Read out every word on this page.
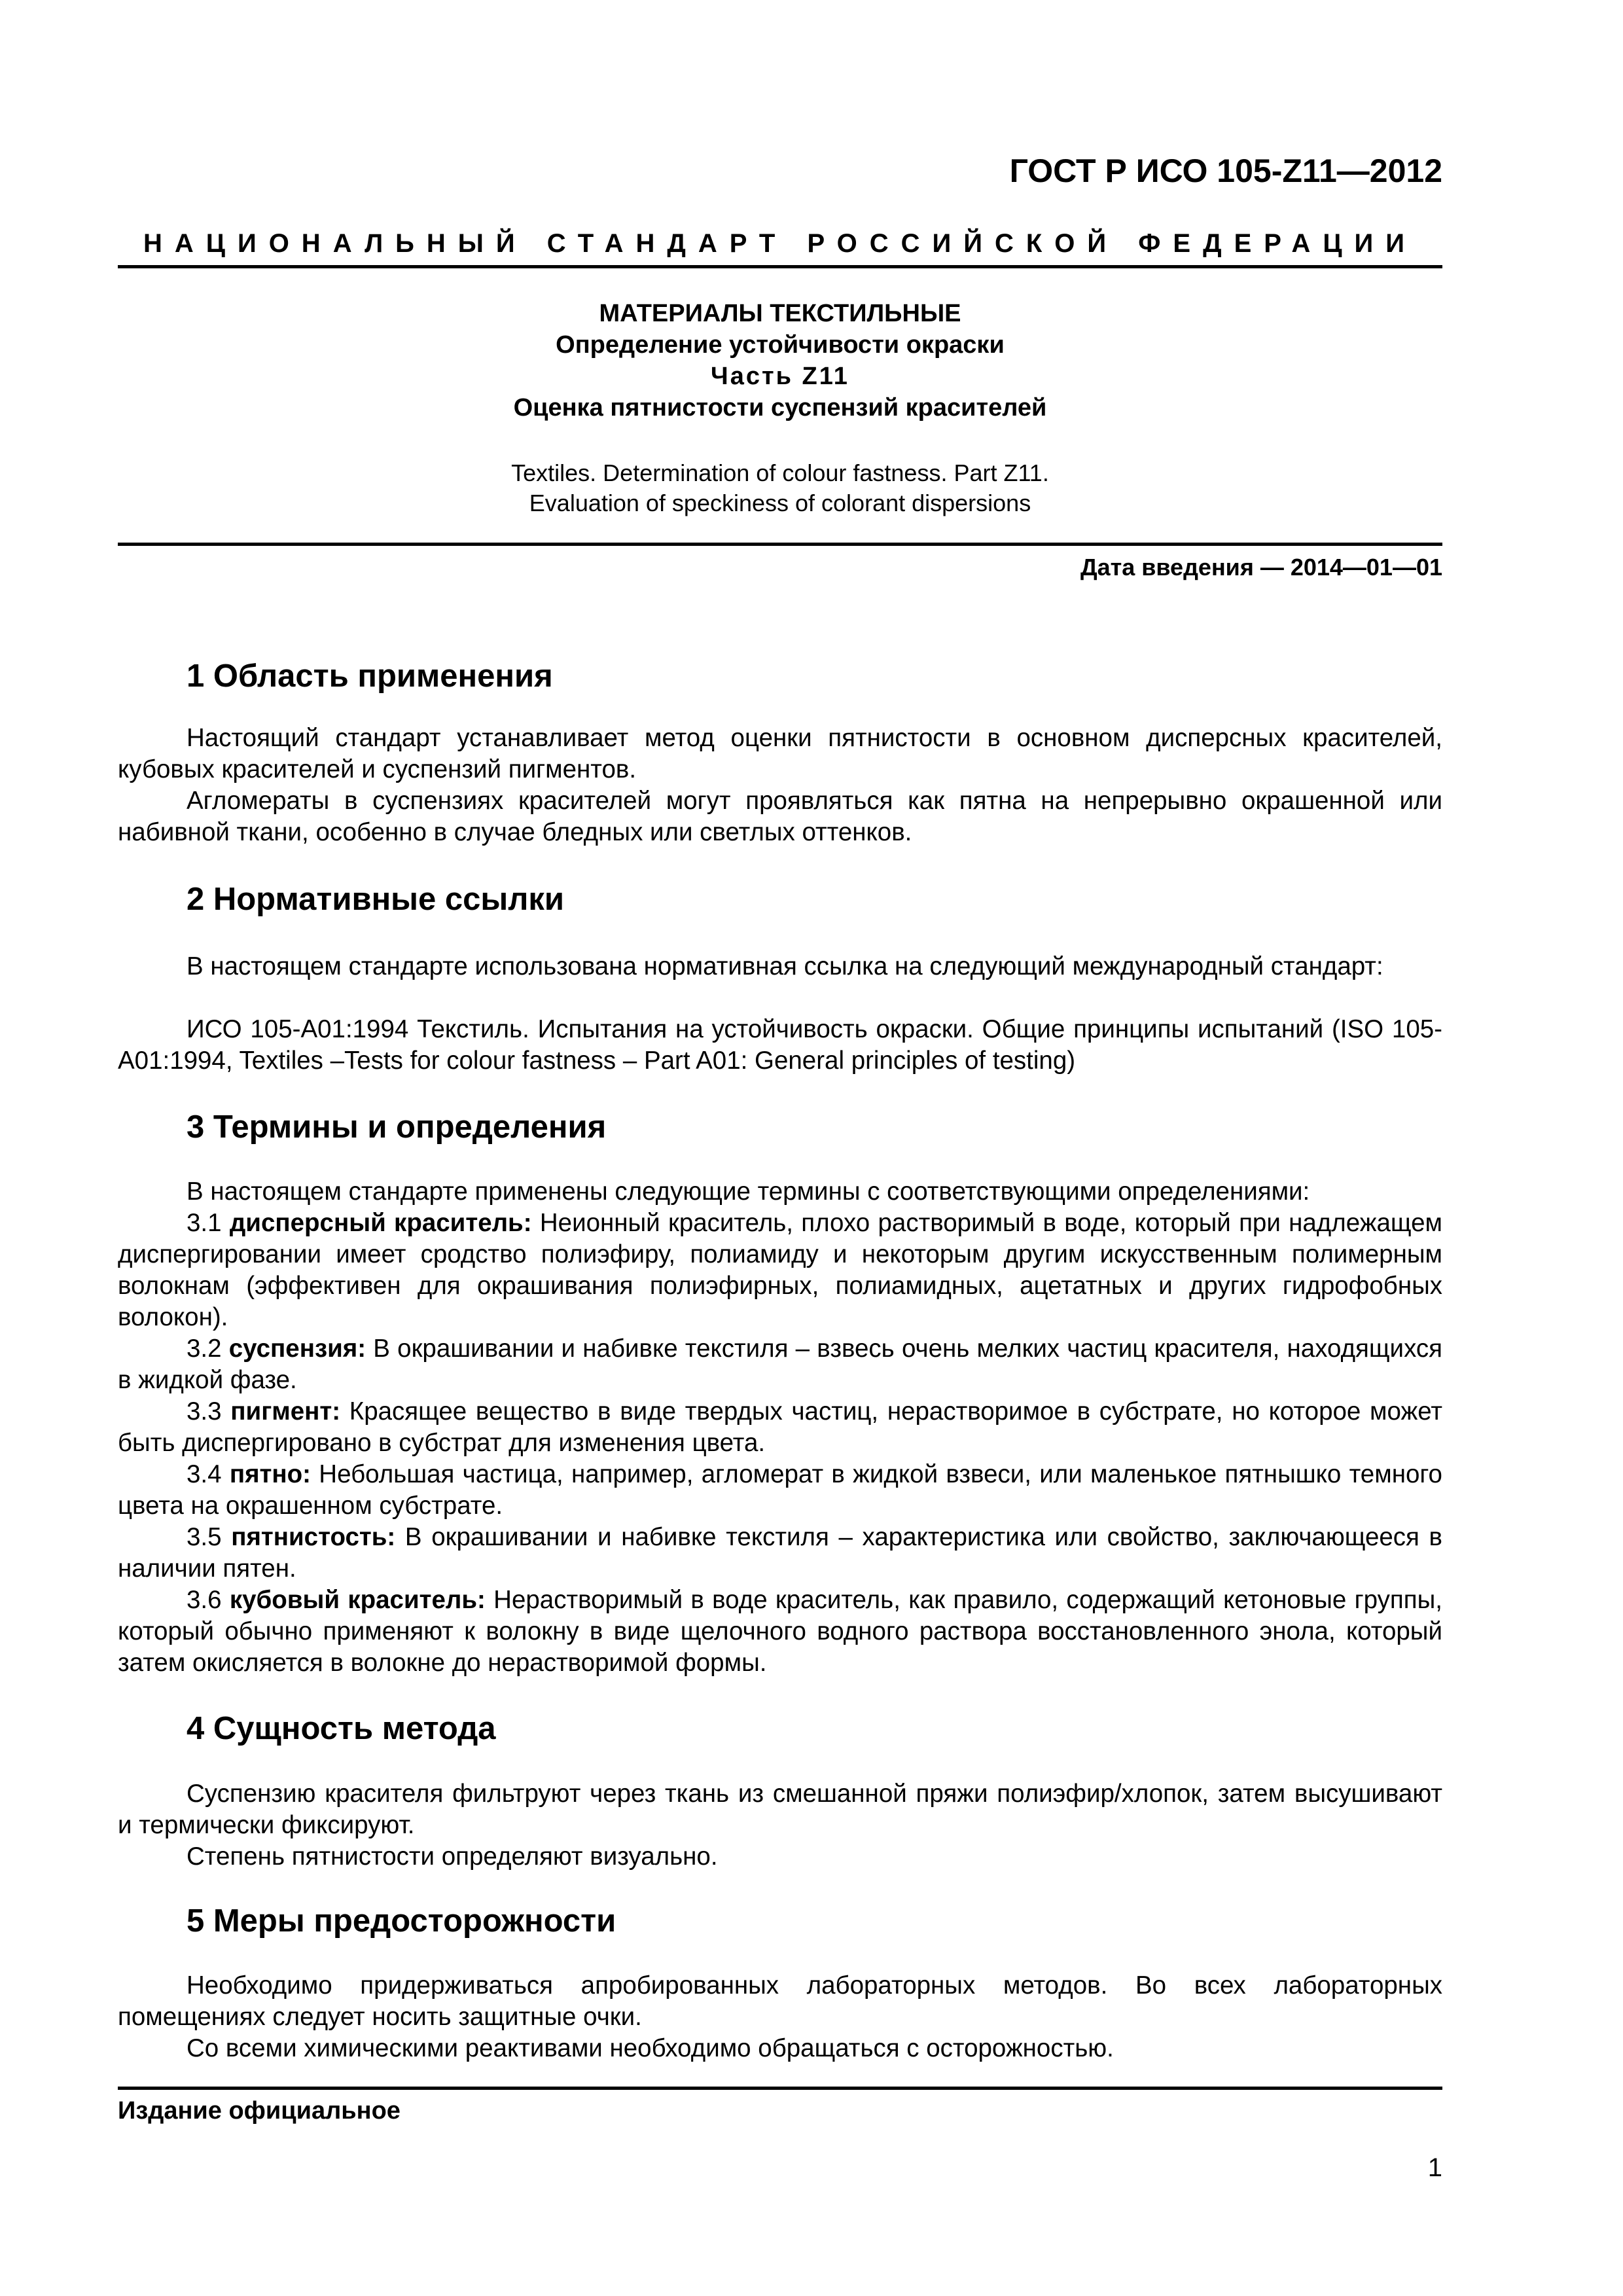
ГОСТ Р ИСО 105-Z11—2012
НАЦИОНАЛЬНЫЙ СТАНДАРТ РОССИЙСКОЙ ФЕДЕРАЦИИ
МАТЕРИАЛЫ ТЕКСТИЛЬНЫЕ
Определение устойчивости окраски
Часть Z11
Оценка пятнистости суспензий красителей
Textiles. Determination of colour fastness. Part Z11.
Evaluation of speckiness of colorant dispersions
Дата введения — 2014—01—01
1 Область применения

Настоящий стандарт устанавливает метод оценки пятнистости в основном дисперсных красителей, кубовых красителей и суспензий пигментов.

Агломераты в суспензиях красителей могут проявляться как пятна на непрерывно окрашенной или набивной ткани, особенно в случае бледных или светлых оттенков.

2 Нормативные ссылки

В настоящем стандарте использована нормативная ссылка на следующий международный стандарт:

ИСО 105-А01:1994 Текстиль. Испытания на устойчивость окраски. Общие принципы испытаний (ISO 105-A01:1994, Textiles –Tests for colour fastness – Part A01: General principles of testing)

3 Термины и определения

В настоящем стандарте применены следующие термины с соответствующими определениями:

3.1 дисперсный краситель: Неионный краситель, плохо растворимый в воде, который при надлежащем диспергировании имеет сродство полиэфиру, полиамиду и некоторым другим искусственным полимерным волокнам (эффективен для окрашивания полиэфирных, полиамидных, ацетатных и других гидрофобных волокон).

3.2 суспензия: В окрашивании и набивке текстиля – взвесь очень мелких частиц красителя, находящихся в жидкой фазе.

3.3 пигмент: Красящее вещество в виде твердых частиц, нерастворимое в субстрате, но которое может быть диспергировано в субстрат для изменения цвета.

3.4 пятно: Небольшая частица, например, агломерат в жидкой взвеси, или маленькое пятнышко темного цвета на окрашенном субстрате.

3.5 пятнистость: В окрашивании и набивке текстиля – характеристика или свойство, заключающееся в наличии пятен.

3.6 кубовый краситель: Нерастворимый в воде краситель, как правило, содержащий кетоновые группы, который обычно применяют к волокну в виде щелочного водного раствора восстановленного энола, который затем окисляется в волокне до нерастворимой формы.

4 Сущность метода

Суспензию красителя фильтруют через ткань из смешанной пряжи полиэфир/хлопок, затем высушивают и термически фиксируют.

Степень пятнистости определяют визуально.

5 Меры предосторожности

Необходимо придерживаться апробированных лабораторных методов. Во всех лабораторных помещениях следует носить защитные очки.

Со всеми химическими реактивами необходимо обращаться с осторожностью.

Издание официальное
1
